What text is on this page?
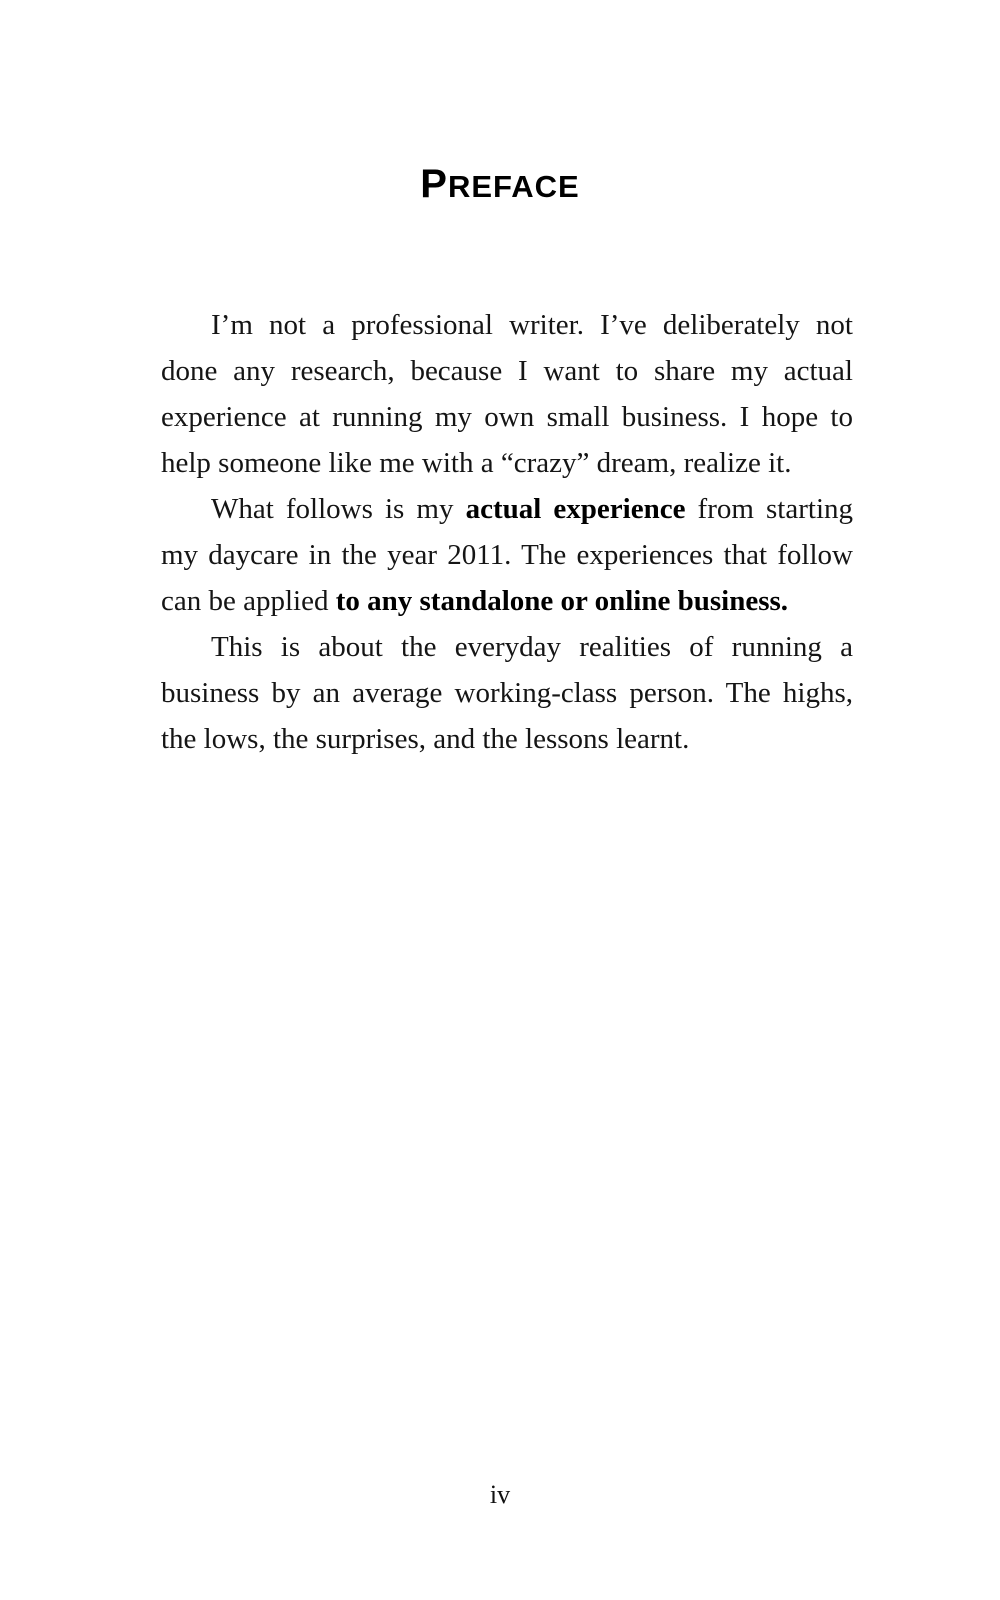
PREFACE

I’m not a professional writer. I’ve deliberately not done any research, because I want to share my actual experience at running my own small business. I hope to help someone like me with a “crazy” dream, realize it.

What follows is my actual experience from starting my daycare in the year 2011. The experiences that follow can be applied to any standalone or online business.

This is about the everyday realities of running a business by an average working-class person. The highs, the lows, the surprises, and the lessons learnt.

iv
